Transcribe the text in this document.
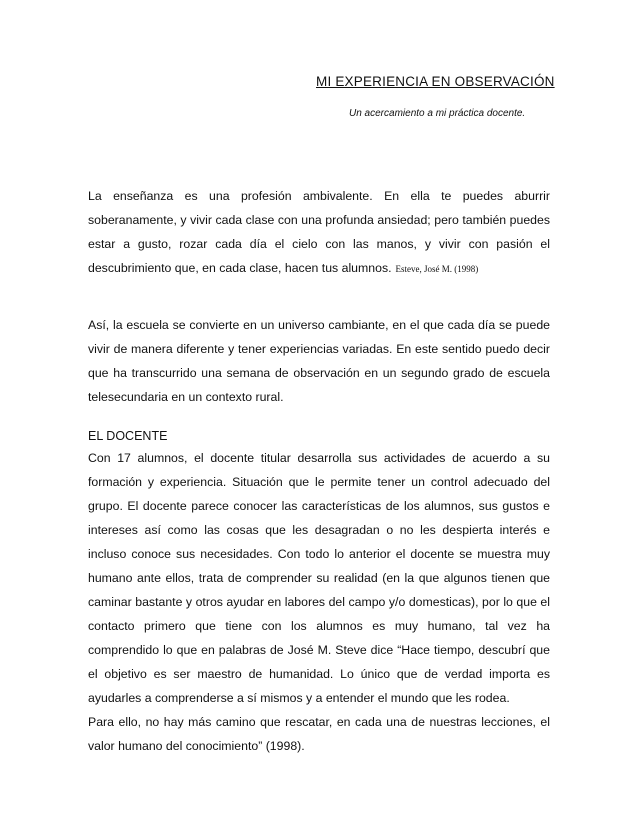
MI EXPERIENCIA EN OBSERVACIÓN
Un acercamiento a mi práctica docente.

La enseñanza es una profesión ambivalente. En ella te puedes aburrir soberanamente, y vivir cada clase con una profunda ansiedad; pero también puedes estar a gusto, rozar cada día el cielo con las manos, y vivir con pasión el descubrimiento que, en cada clase, hacen tus alumnos. Esteve, José M. (1998)

Así, la escuela se convierte en un universo cambiante, en el que cada día se puede vivir de manera diferente y tener experiencias variadas. En este sentido puedo decir que ha transcurrido una semana de observación en un segundo grado de escuela telesecundaria en un contexto rural.

EL DOCENTE

Con 17 alumnos, el docente titular desarrolla sus actividades de acuerdo a su formación y experiencia. Situación que le permite tener un control adecuado del grupo. El docente parece conocer las características de los alumnos, sus gustos e intereses así como las cosas que les desagradan o no les despierta interés e incluso conoce sus necesidades. Con todo lo anterior el docente se muestra muy humano ante ellos, trata de comprender su realidad (en la que algunos tienen que caminar bastante y otros ayudar en labores del campo y/o domesticas), por lo que el contacto primero que tiene con los alumnos es muy humano, tal vez ha comprendido lo que en palabras de José M. Steve dice “Hace tiempo, descubrí que el objetivo es ser maestro de humanidad. Lo único que de verdad importa es ayudarles a comprenderse a sí mismos y a entender el mundo que les rodea.

Para ello, no hay más camino que rescatar, en cada una de nuestras lecciones, el valor humano del conocimiento” (1998).
